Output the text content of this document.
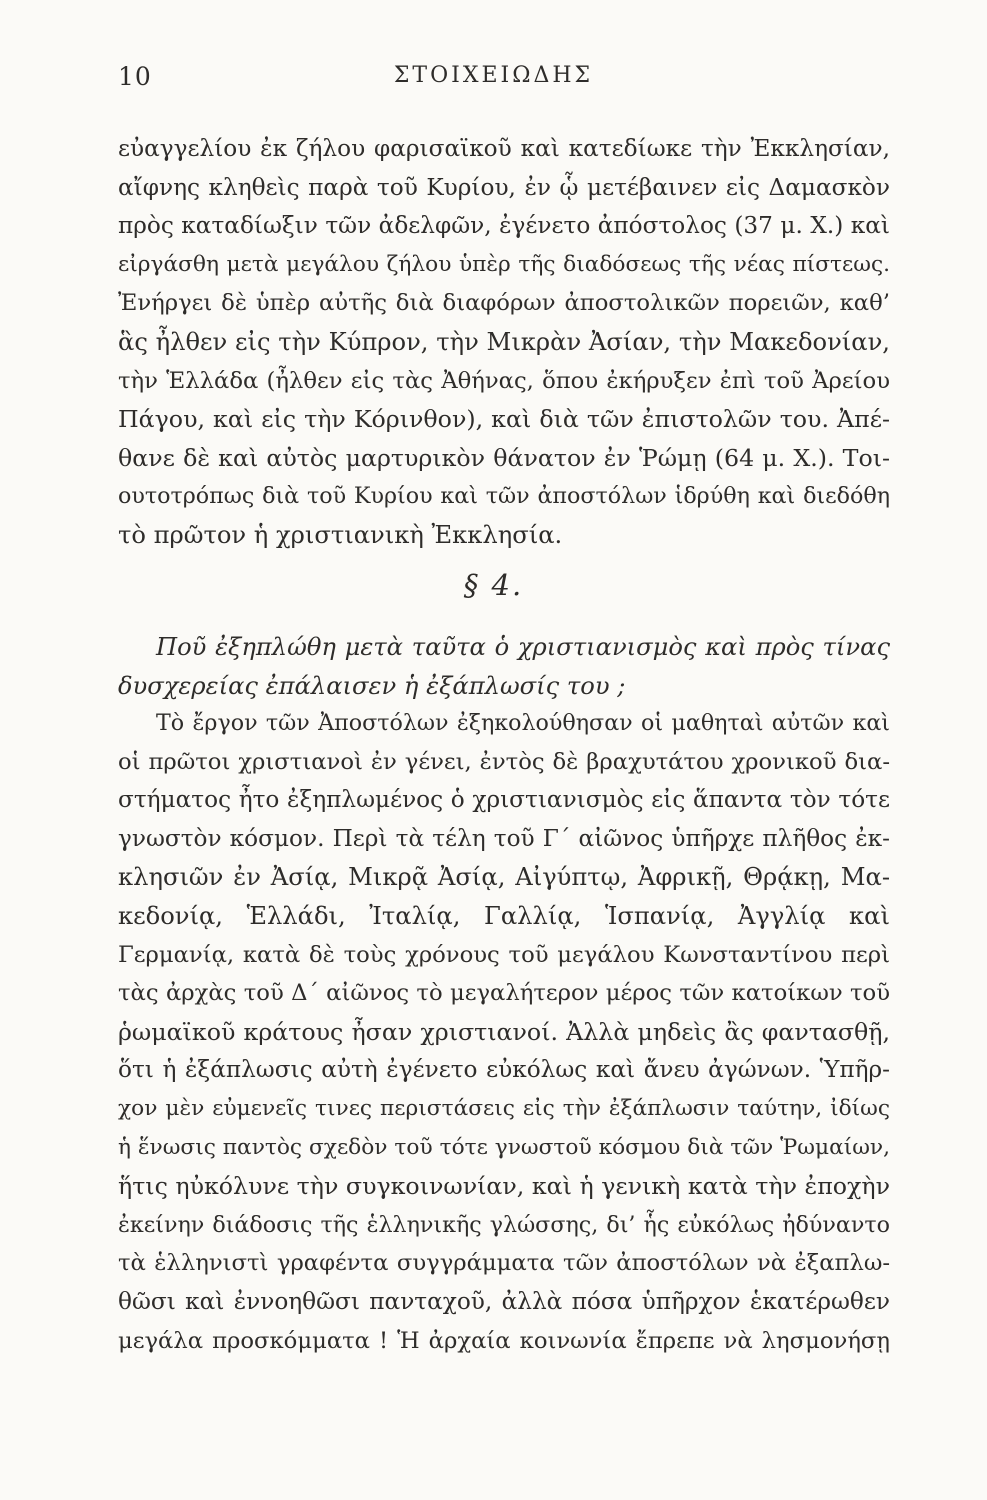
10	ΣΤΟΙΧΕΙΩΔΗΣ
εὐαγγελίου ἐκ ζήλου φαρισαϊκοῦ καὶ κατεδίωκε τὴν Ἐκκλησίαν,
αἴφνης κληθεὶς παρὰ τοῦ Κυρίου, ἐν ᾧ μετέβαινεν εἰς Δαμασκὸν
πρὸς καταδίωξιν τῶν ἀδελφῶν, ἐγένετο ἀπόστολος (37 μ. Χ.) καὶ
εἰργάσθη μετὰ μεγάλου ζήλου ὑπὲρ τῆς διαδόσεως τῆς νέας πίστεως.
Ἐνήργει δὲ ὑπὲρ αὐτῆς διὰ διαφόρων ἀποστολικῶν πορειῶν, καθ’
ἃς ἦλθεν εἰς τὴν Κύπρον, τὴν Μικρὰν Ἀσίαν, τὴν Μακεδονίαν,
τὴν Ἑλλάδα (ἦλθεν εἰς τὰς Ἀθήνας, ὅπου ἐκήρυξεν ἐπὶ τοῦ Ἀρείου
Πάγου, καὶ εἰς τὴν Κόρινθον), καὶ διὰ τῶν ἐπιστολῶν του. Ἀπέ-
θανε δὲ καὶ αὐτὸς μαρτυρικὸν θάνατον ἐν Ῥώμῃ (64 μ. Χ.). Τοι-
ουτοτρόπως διὰ τοῦ Κυρίου καὶ τῶν ἀποστόλων ἱδρύθη καὶ διεδόθη
τὸ πρῶτον ἡ χριστιανικὴ Ἐκκλησία.
§ 4.
Ποῦ ἐξηπλώθη μετὰ ταῦτα ὁ χριστιανισμὸς καὶ πρὸς τίνας
δυσχερείας ἐπάλαισεν ἡ ἐξάπλωσίς του ;
Τὸ ἔργον τῶν Ἀποστόλων ἐξηκολούθησαν οἱ μαθηταὶ αὐτῶν καὶ
οἱ πρῶτοι χριστιανοὶ ἐν γένει, ἐντὸς δὲ βραχυτάτου χρονικοῦ δια-
στήματος ἦτο ἐξηπλωμένος ὁ χριστιανισμὸς εἰς ἅπαντα τὸν τότε
γνωστὸν κόσμον. Περὶ τὰ τέλη τοῦ Γ´ αἰῶνος ὑπῆρχε πλῆθος ἐκ-
κλησιῶν ἐν Ἀσίᾳ, Μικρᾷ Ἀσίᾳ, Αἰγύπτῳ, Ἀφρικῇ, Θρᾴκῃ, Μα-
κεδονίᾳ, Ἑλλάδι, Ἰταλίᾳ, Γαλλίᾳ, Ἱσπανίᾳ, Ἀγγλίᾳ καὶ
Γερμανίᾳ, κατὰ δὲ τοὺς χρόνους τοῦ μεγάλου Κωνσταντίνου περὶ
τὰς ἀρχὰς τοῦ Δ´ αἰῶνος τὸ μεγαλήτερον μέρος τῶν κατοίκων τοῦ
ῥωμαϊκοῦ κράτους ἦσαν χριστιανοί. Ἀλλὰ μηδεὶς ἂς φαντασθῇ,
ὅτι ἡ ἐξάπλωσις αὐτὴ ἐγένετο εὐκόλως καὶ ἄνευ ἀγώνων. Ὑπῆρ-
χον μὲν εὐμενεῖς τινες περιστάσεις εἰς τὴν ἐξάπλωσιν ταύτην, ἰδίως
ἡ ἕνωσις παντὸς σχεδὸν τοῦ τότε γνωστοῦ κόσμου διὰ τῶν Ῥωμαίων,
ἥτις ηὐκόλυνε τὴν συγκοινωνίαν, καὶ ἡ γενικὴ κατὰ τὴν ἐποχὴν
ἐκείνην διάδοσις τῆς ἑλληνικῆς γλώσσης, δι’ ἧς εὐκόλως ἠδύναντο
τὰ ἑλληνιστὶ γραφέντα συγγράμματα τῶν ἀποστόλων νὰ ἐξαπλω-
θῶσι καὶ ἐννοηθῶσι πανταχοῦ, ἀλλὰ πόσα ὑπῆρχον ἑκατέρωθεν
μεγάλα προσκόμματα ! Ἡ ἀρχαία κοινωνία ἔπρεπε νὰ λησμονήσῃ
